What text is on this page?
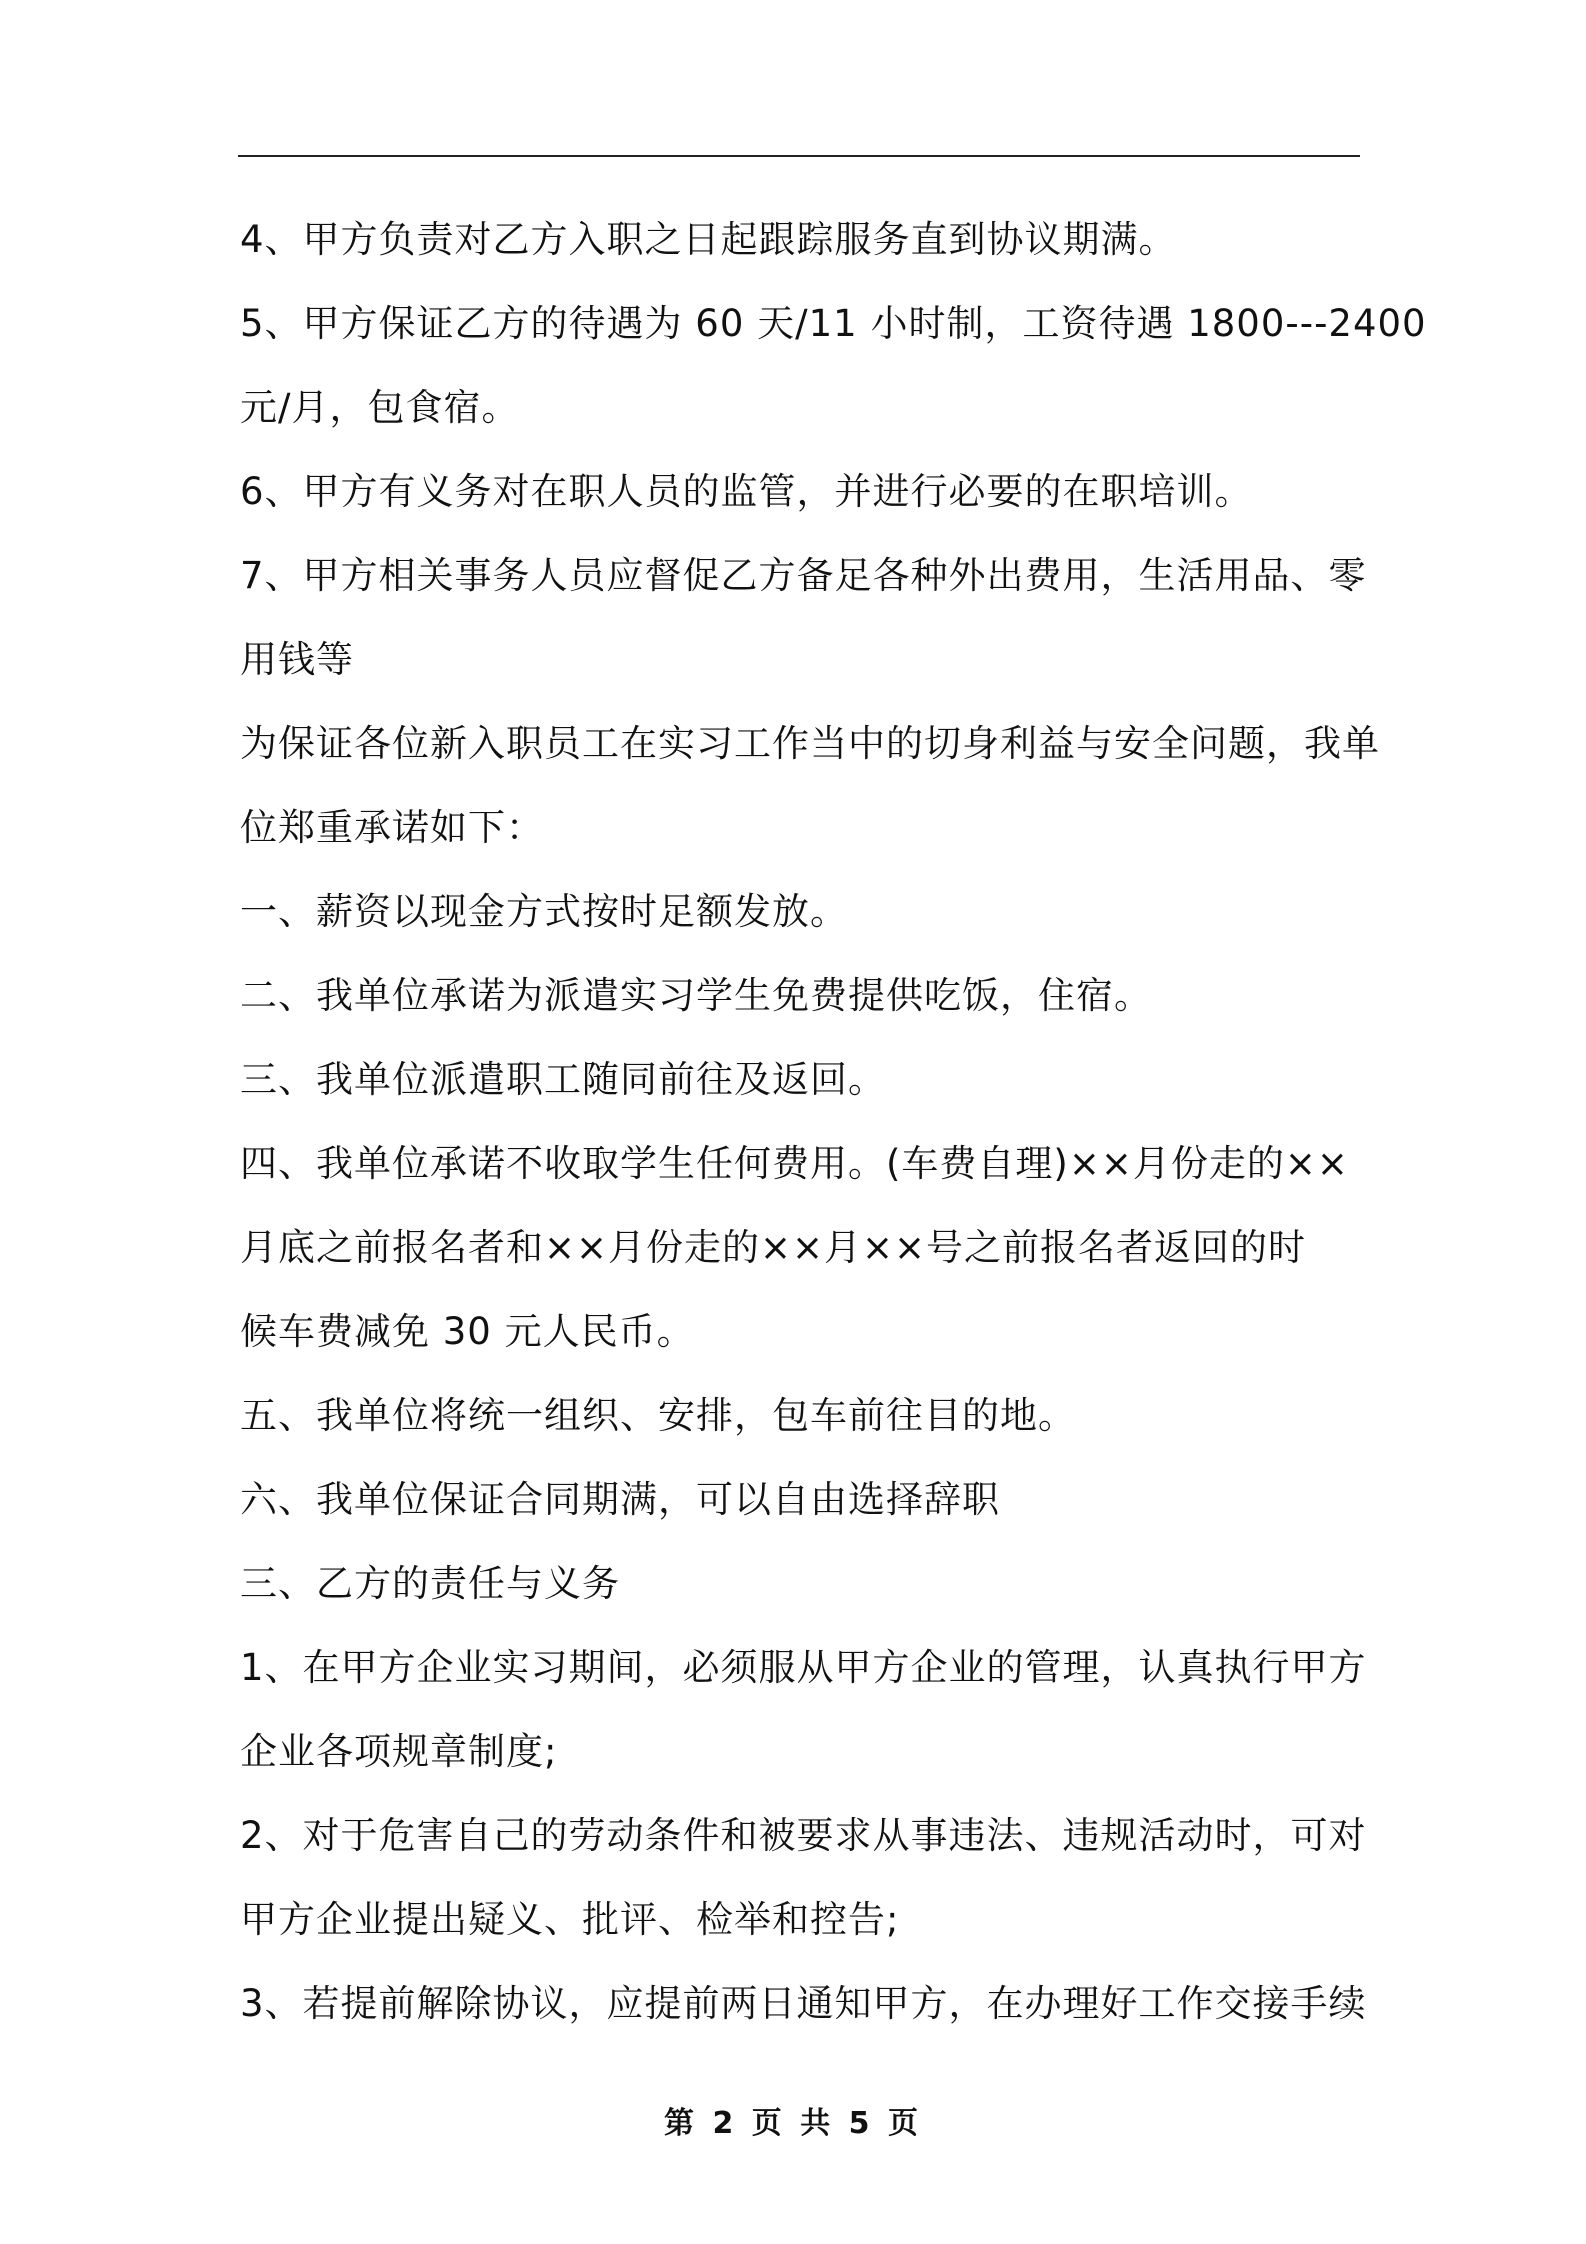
4、甲方负责对乙方入职之日起跟踪服务直到协议期满。
5、甲方保证乙方的待遇为 60 天/11 小时制，工资待遇 1800---2400
元/月，包食宿。
6、甲方有义务对在职人员的监管，并进行必要的在职培训。
7、甲方相关事务人员应督促乙方备足各种外出费用，生活用品、零
用钱等
为保证各位新入职员工在实习工作当中的切身利益与安全问题，我单
位郑重承诺如下：
一、薪资以现金方式按时足额发放。
二、我单位承诺为派遣实习学生免费提供吃饭，住宿。
三、我单位派遣职工随同前往及返回。
四、我单位承诺不收取学生任何费用。(车费自理)××月份走的××
月底之前报名者和××月份走的××月××号之前报名者返回的时
候车费减免 30 元人民币。
五、我单位将统一组织、安排，包车前往目的地。
六、我单位保证合同期满，可以自由选择辞职
三、乙方的责任与义务
1、在甲方企业实习期间，必须服从甲方企业的管理，认真执行甲方
企业各项规章制度;
2、对于危害自己的劳动条件和被要求从事违法、违规活动时，可对
甲方企业提出疑义、批评、检举和控告;
3、若提前解除协议，应提前两日通知甲方，在办理好工作交接手续
第 2 页 共 5 页
